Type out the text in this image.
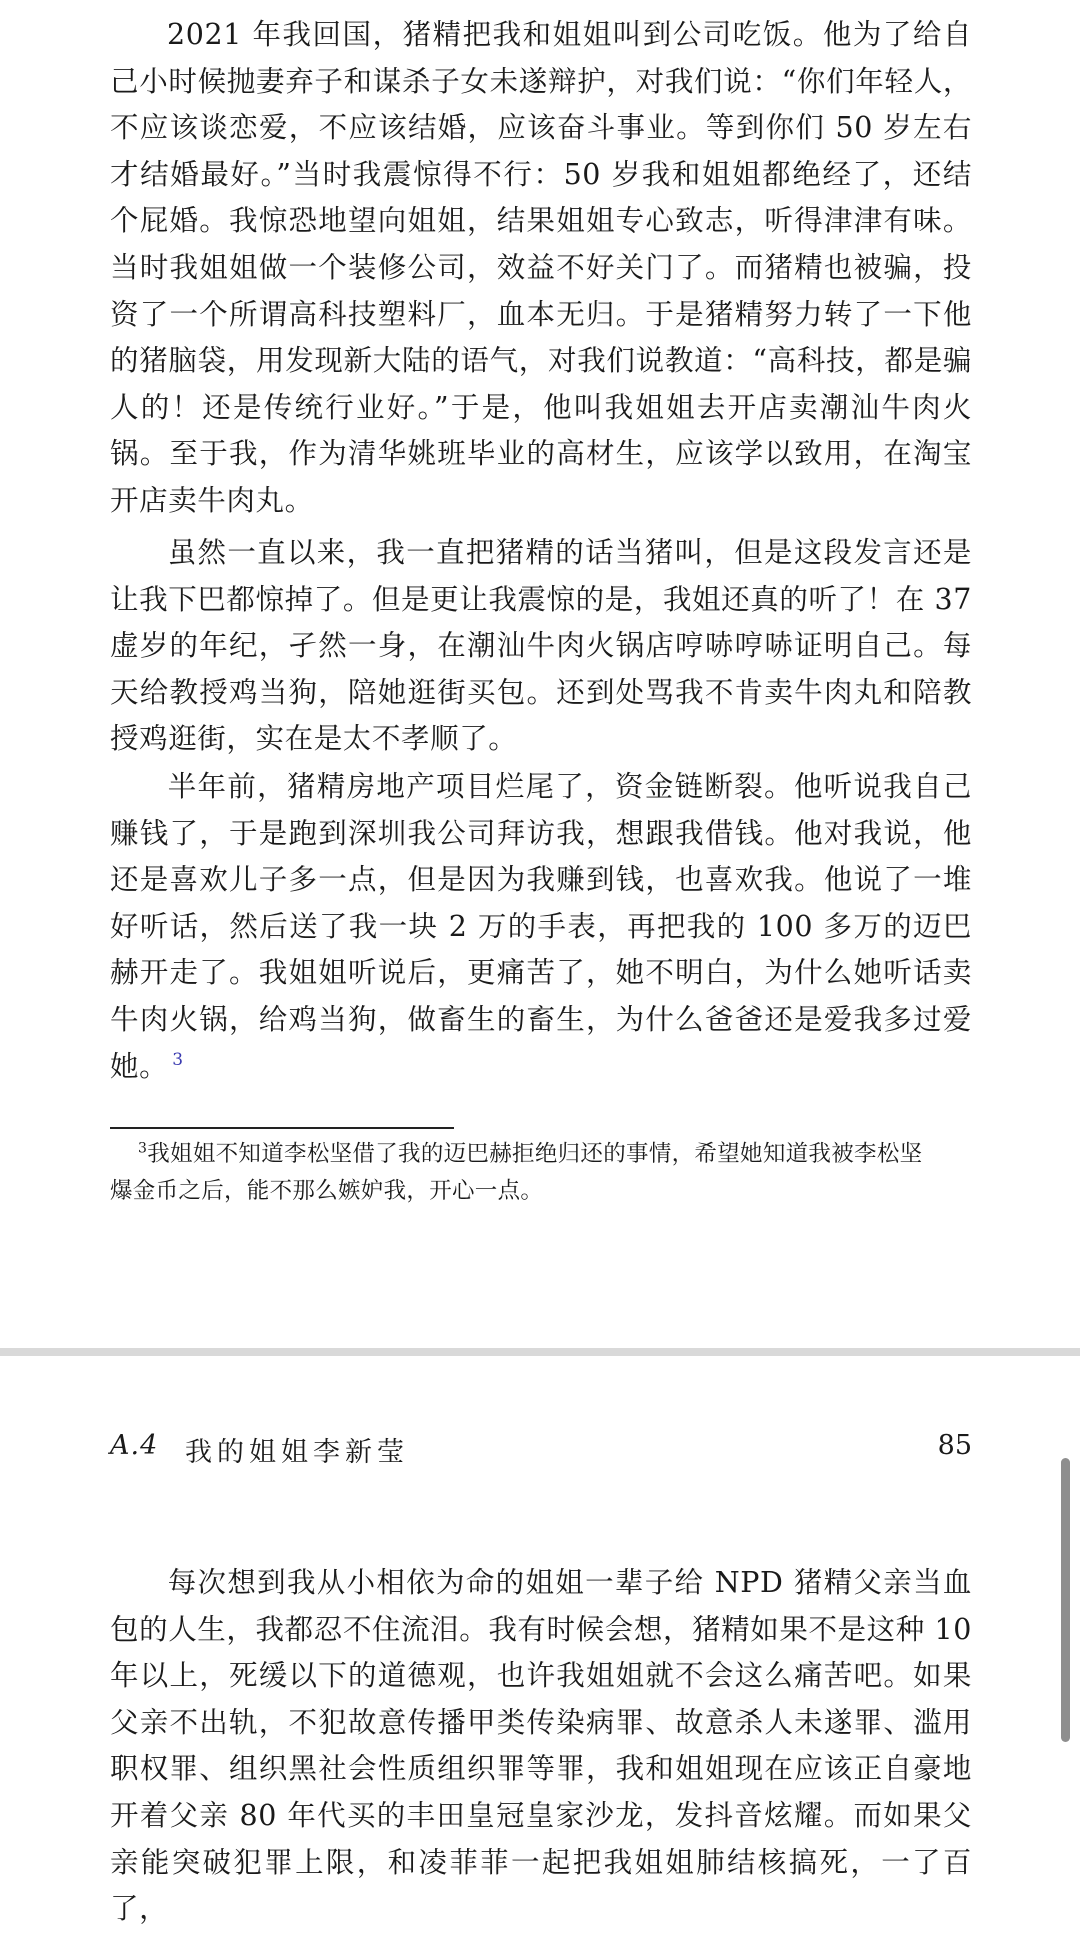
2021 年我回国，猪精把我和姐姐叫到公司吃饭。他为了给自己小时候抛妻弃子和谋杀子女未遂辩护，对我们说：“你们年轻人，不应该谈恋爱，不应该结婚，应该奋斗事业。等到你们 50 岁左右才结婚最好。”当时我震惊得不行：50 岁我和姐姐都绝经了，还结个屁婚。我惊恐地望向姐姐，结果姐姐专心致志，听得津津有味。当时我姐姐做一个装修公司，效益不好关门了。而猪精也被骗，投资了一个所谓高科技塑料厂，血本无归。于是猪精努力转了一下他的猪脑袋，用发现新大陆的语气，对我们说教道：“高科技，都是骗人的！还是传统行业好。”于是，他叫我姐姐去开店卖潮汕牛肉火锅。至于我，作为清华姚班毕业的高材生，应该学以致用，在淘宝开店卖牛肉丸。

虽然一直以来，我一直把猪精的话当猪叫，但是这段发言还是让我下巴都惊掉了。但是更让我震惊的是，我姐还真的听了！在 37 虚岁的年纪，孑然一身，在潮汕牛肉火锅店哼哧哼哧证明自己。每天给教授鸡当狗，陪她逛街买包。还到处骂我不肯卖牛肉丸和陪教授鸡逛街，实在是太不孝顺了。

半年前，猪精房地产项目烂尾了，资金链断裂。他听说我自己赚钱了，于是跑到深圳我公司拜访我，想跟我借钱。他对我说，他还是喜欢儿子多一点，但是因为我赚到钱，也喜欢我。他说了一堆好听话，然后送了我一块 2 万的手表，再把我的 100 多万的迈巴赫开走了。我姐姐听说后，更痛苦了，她不明白，为什么她听话卖牛肉火锅，给鸡当狗，做畜生的畜生，为什么爸爸还是爱我多过爱她。 $^3$

$^3$我姐姐不知道李松坚借了我的迈巴赫拒绝归还的事情，希望她知道我被李松坚
爆金币之后，能不那么嫉妒我，开心一点。

A.4 我的姐姐李新莹	85

每次想到我从小相依为命的姐姐一辈子给 NPD 猪精父亲当血包的人生，我都忍不住流泪。我有时候会想，猪精如果不是这种 10 年以上，死缓以下的道德观，也许我姐姐就不会这么痛苦吧。如果父亲不出轨，不犯故意传播甲类传染病罪、故意杀人未遂罪、滥用职权罪、组织黑社会性质组织罪等罪，我和姐姐现在应该正自豪地开着父亲 80 年代买的丰田皇冠皇家沙龙，发抖音炫耀。而如果父亲能突破犯罪上限，和凌菲菲一起把我姐姐肺结核搞死，一了百了，
